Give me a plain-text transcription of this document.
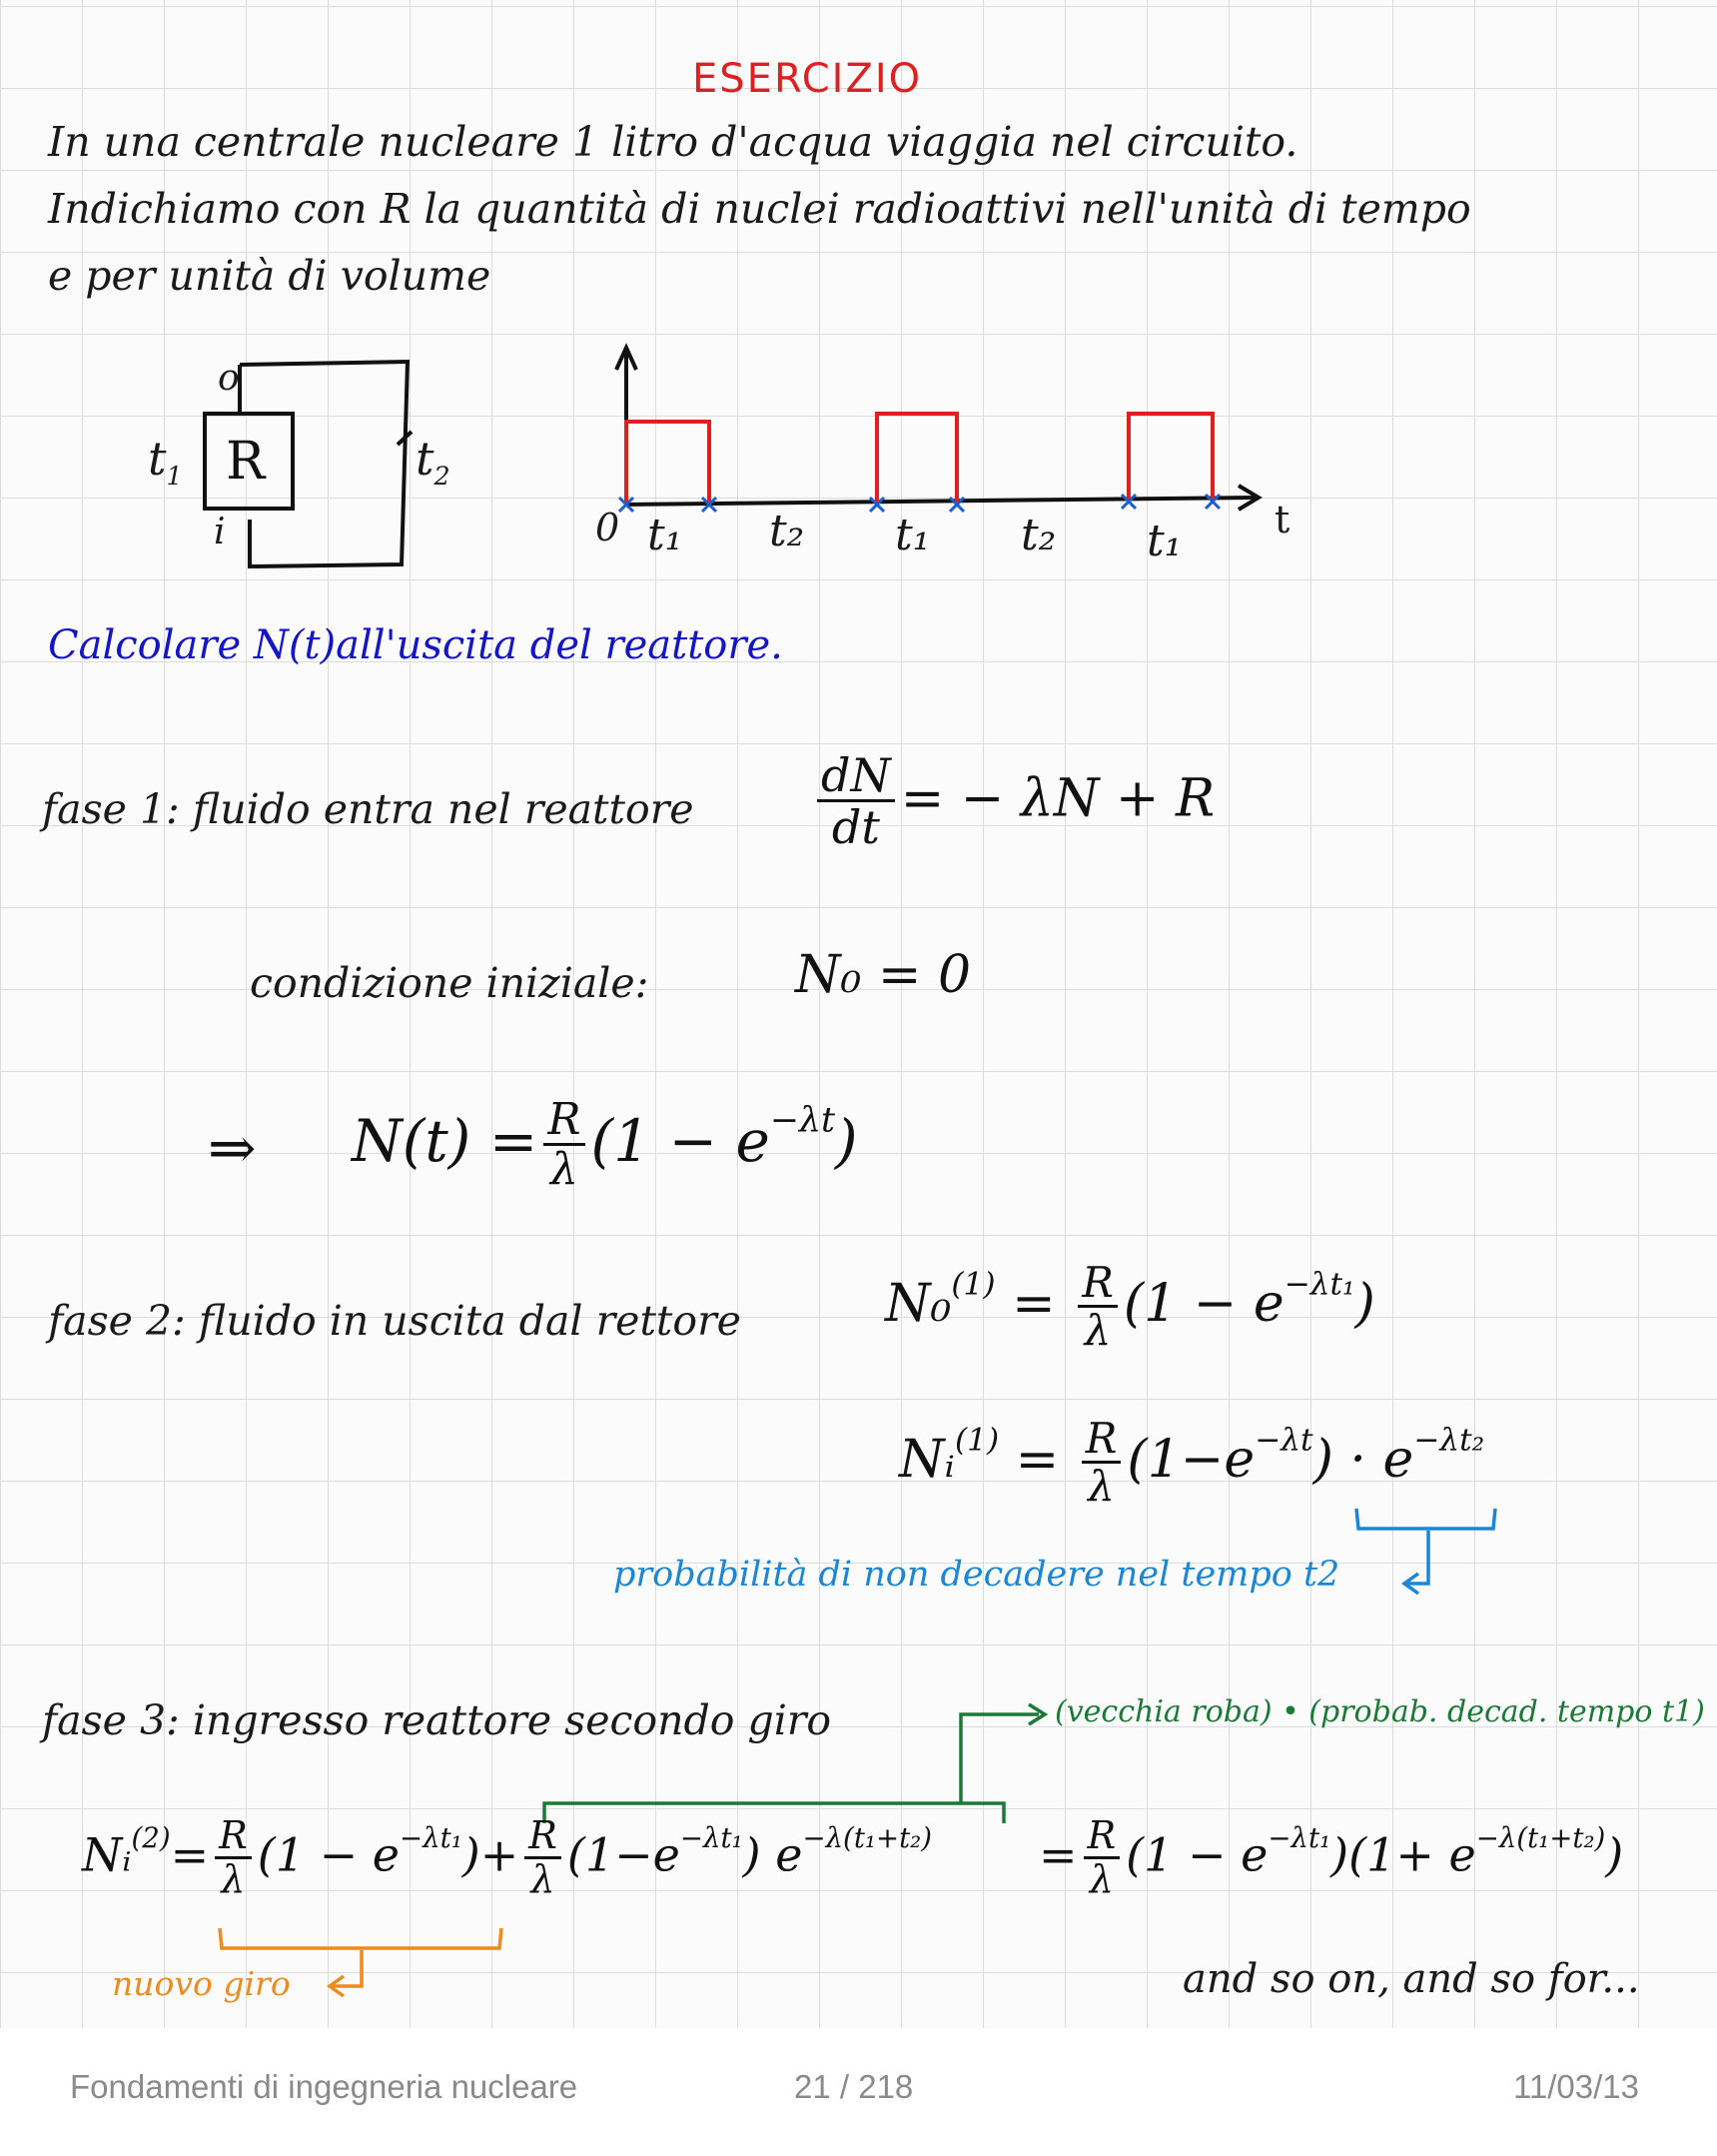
ESERCIZIO
In una centrale nucleare 1 litro d'acqua viaggia nel circuito.
Indichiamo con R la quantità di nuclei radioattivi nell'unità di tempo
e per unità di volume
o
R
i
$t_1$	$t_2$
0	t
t₁ t₂ t₁ t₂ t₁
Calcolare N(t)all'uscita del reattore.
fase 1: fluido entra nel reattore	$\frac{dN}{dt}$ = − λN + R
condizione iniziale:	N₀ = 0
⇒ $N(t) = \frac{R}{\lambda} (1 - e^{-\lambda t})$
fase 2: fluido in uscita dal rettore	$N_0^{(1)} = \frac{R}{\lambda} (1 - e^{-\lambda t_1})$
Nᵢ$^{(1)}$ = $\frac{R}{\lambda} (1-e^{-\lambda t}) \cdot e^{-\lambda t_2}$
probabilità di non decadere nel tempo t2
fase 3: ingresso reattore secondo giro	(vecchia roba) • (probab. decad. tempo t1)
Nᵢ$^{(2)}$= $\frac{R}{\lambda} (1 - e^{-\lambda t_1})+ \frac{R}{\lambda} (1-e^{-\lambda t_1}) e^{-\lambda(t_1+t_2)} = \frac{R}{\lambda} (1 - e^{-\lambda t_1})(1+ e^{-\lambda(t_1+t_2)})$
nuovo giro	and so on, and so for...
Fondamenti di ingegneria nucleare	21 / 218	11/03/13
